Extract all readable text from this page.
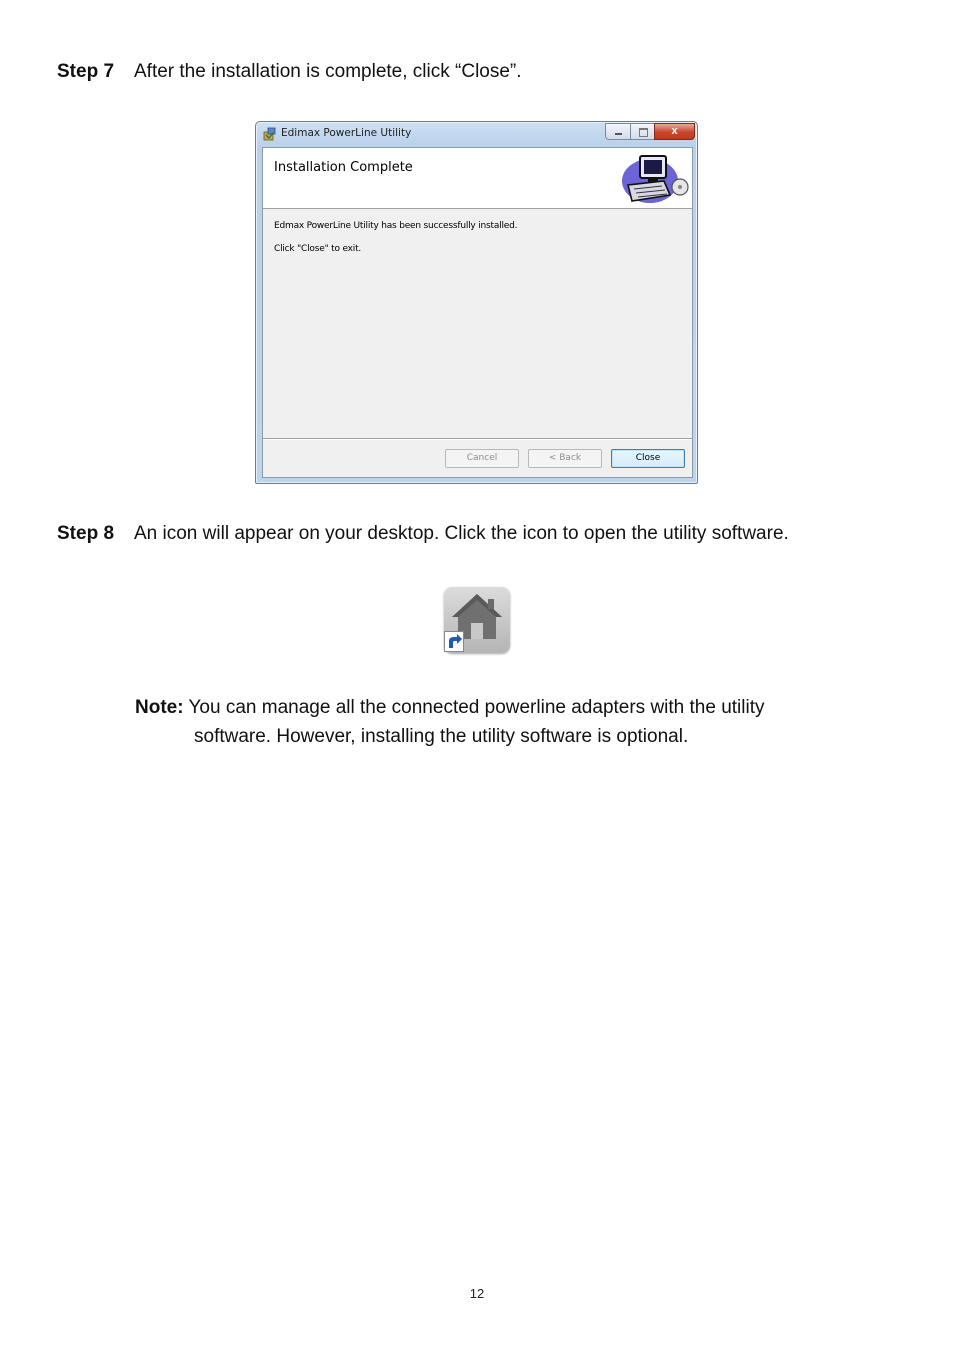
Step 7 After the installation is complete, click “Close”.
Edimax PowerLine Utility	x
Installation Complete
Edmax PowerLine Utility has been successfully installed.
Click "Close" to exit.
Cancel	< Back	Close
Step 8 An icon will appear on your desktop. Click the icon to open the utility software.
Note: You can manage all the connected powerline adapters with the utility
software. However, installing the utility software is optional.
12
